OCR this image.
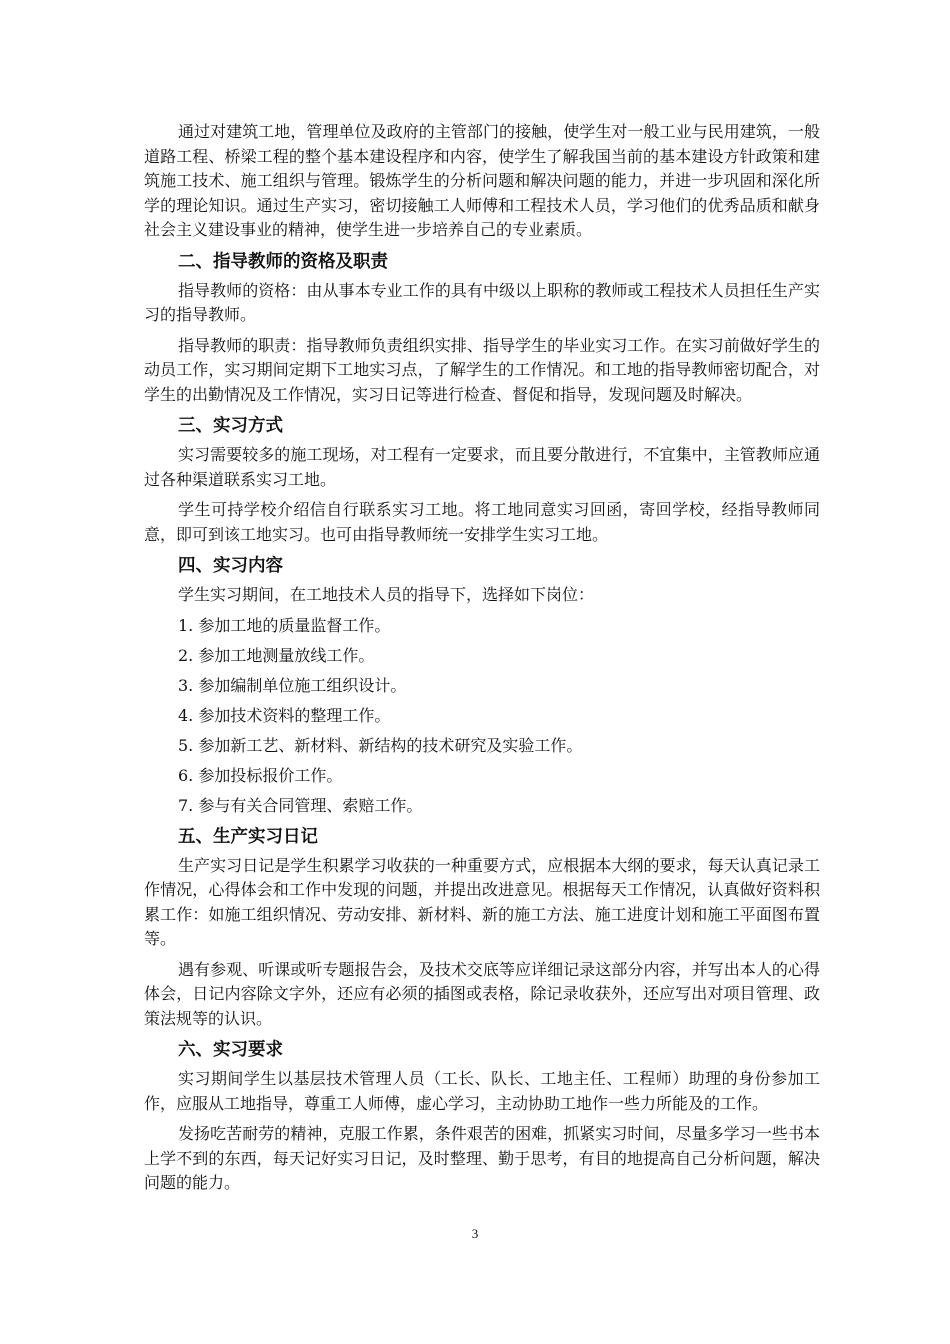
通过对建筑工地，管理单位及政府的主管部门的接触，使学生对一般工业与民用建筑，一般道路工程、桥梁工程的整个基本建设程序和内容，使学生了解我国当前的基本建设方针政策和建筑施工技术、施工组织与管理。锻炼学生的分析问题和解决问题的能力，并进一步巩固和深化所学的理论知识。通过生产实习，密切接触工人师傅和工程技术人员，学习他们的优秀品质和献身社会主义建设事业的精神，使学生进一步培养自己的专业素质。

二、指导教师的资格及职责

指导教师的资格：由从事本专业工作的具有中级以上职称的教师或工程技术人员担任生产实习的指导教师。

指导教师的职责：指导教师负责组织实排、指导学生的毕业实习工作。在实习前做好学生的动员工作，实习期间定期下工地实习点，了解学生的工作情况。和工地的指导教师密切配合，对学生的出勤情况及工作情况，实习日记等进行检查、督促和指导，发现问题及时解决。

三、实习方式

实习需要较多的施工现场，对工程有一定要求，而且要分散进行，不宜集中，主管教师应通过各种渠道联系实习工地。

学生可持学校介绍信自行联系实习工地。将工地同意实习回函，寄回学校，经指导教师同意，即可到该工地实习。也可由指导教师统一安排学生实习工地。

四、实习内容

学生实习期间，在工地技术人员的指导下，选择如下岗位：

1. 参加工地的质量监督工作。
2. 参加工地测量放线工作。
3. 参加编制单位施工组织设计。
4. 参加技术资料的整理工作。
5. 参加新工艺、新材料、新结构的技术研究及实验工作。
6. 参加投标报价工作。
7. 参与有关合同管理、索赔工作。
五、生产实习日记

生产实习日记是学生积累学习收获的一种重要方式，应根据本大纲的要求，每天认真记录工作情况，心得体会和工作中发现的问题，并提出改进意见。根据每天工作情况，认真做好资料积累工作：如施工组织情况、劳动安排、新材料、新的施工方法、施工进度计划和施工平面图布置等。

遇有参观、听课或听专题报告会，及技术交底等应详细记录这部分内容，并写出本人的心得体会，日记内容除文字外，还应有必须的插图或表格，除记录收获外，还应写出对项目管理、政策法规等的认识。

六、实习要求

实习期间学生以基层技术管理人员（工长、队长、工地主任、工程师）助理的身份参加工作，应服从工地指导，尊重工人师傅，虚心学习，主动协助工地作一些力所能及的工作。

发扬吃苦耐劳的精神，克服工作累，条件艰苦的困难，抓紧实习时间，尽量多学习一些书本上学不到的东西，每天记好实习日记，及时整理、勤于思考，有目的地提高自己分析问题，解决问题的能力。

3
